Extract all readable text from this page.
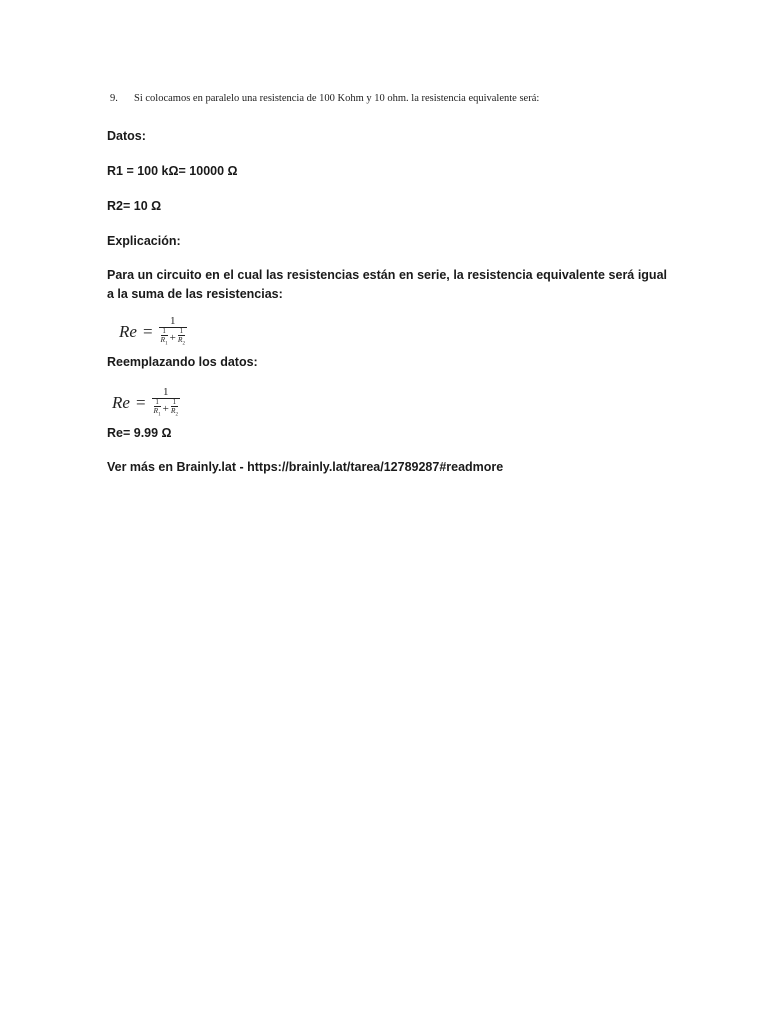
9. Si colocamos en paralelo una resistencia de 100 Kohm y 10 ohm. la resistencia equivalente será:
Datos:
R1 = 100 kΩ= 10000 Ω
R2= 10 Ω
Explicación:
Para un circuito en el cual las resistencias están en serie, la resistencia equivalente será igual a la suma de las resistencias:
Re =
1
1
$R_1$ +
1
$R_2$
Reemplazando los datos:
Re =
1
1
$R_1$ +
1
$R_2$
Re= 9.99 Ω
Ver más en Brainly.lat - https://brainly.lat/tarea/12789287#readmore
